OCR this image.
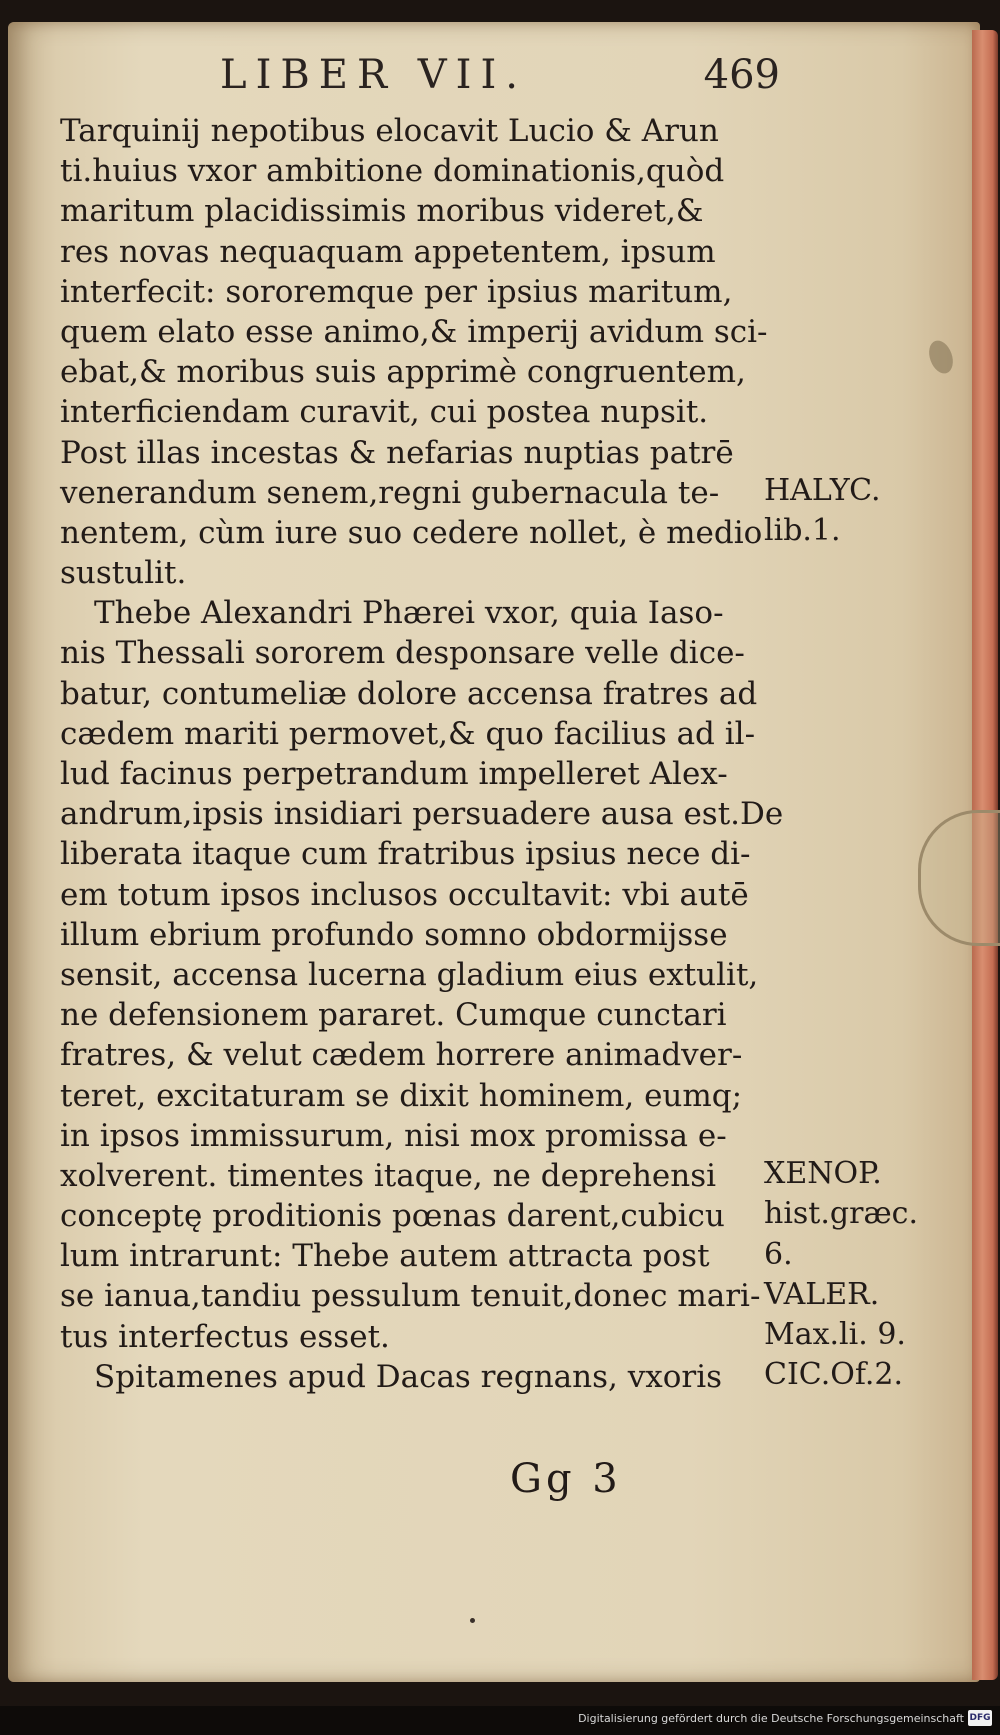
LIBER VII.	469
Tarquinij nepotibus elocavit Lucio & Arun
ti.huius vxor ambitione dominationis,quòd
maritum placidissimis moribus videret,&
res novas nequaquam appetentem, ipsum
interfecit: sororemque per ipsius maritum,
quem elato esse animo,& imperij avidum sci-
ebat,& moribus suis apprimè congruentem,
interficiendam curavit, cui postea nupsit.
Post illas incestas & nefarias nuptias patrē
venerandum senem,regni gubernacula te-
nentem, cùm iure suo cedere nollet, è medio
sustulit.
Thebe Alexandri Phærei vxor, quia Iaso-
nis Thessali sororem desponsare velle dice-
batur, contumeliæ dolore accensa fratres ad
cædem mariti permovet,& quo facilius ad il-
lud facinus perpetrandum impelleret Alex-
andrum,ipsis insidiari persuadere ausa est.De
liberata itaque cum fratribus ipsius nece di-
em totum ipsos inclusos occultavit: vbi autē
illum ebrium profundo somno obdormijsse
sensit, accensa lucerna gladium eius extulit,
ne defensionem pararet. Cumque cunctari
fratres, & velut cædem horrere animadver-
teret, excitaturam se dixit hominem, eumq;
in ipsos immissurum, nisi mox promissa e-
xolverent. timentes itaque, ne deprehensi
conceptę proditionis pœnas darent,cubicu
lum intrarunt: Thebe autem attracta post
se ianua,tandiu pessulum tenuit,donec mari-
tus interfectus esset.
Spitamenes apud Dacas regnans, vxoris
HALYC.
lib.1.
XENOP.
hist.græc.
6.
VALER.
Max.li. 9.
CIC.Of.2.
Gg 3
Digitalisierung gefördert durch die Deutsche Forschungsgemeinschaft DFG
